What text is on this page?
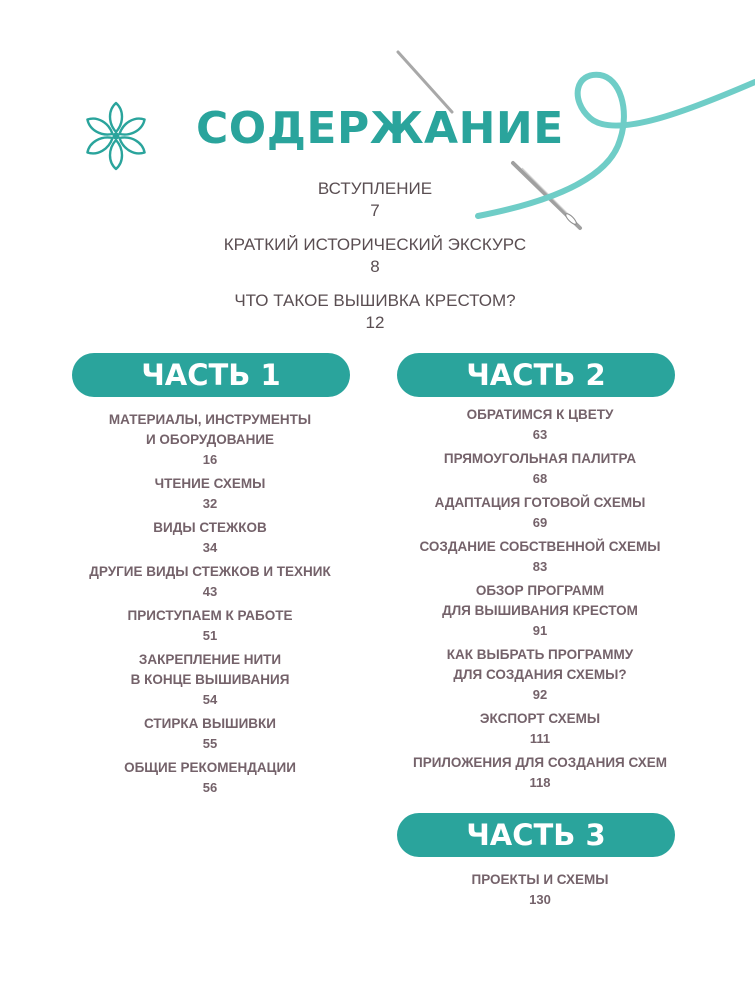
СОДЕРЖАНИЕ
ВСТУПЛЕНИЕ
7
КРАТКИЙ ИСТОРИЧЕСКИЙ ЭКСКУРС
8
ЧТО ТАКОЕ ВЫШИВКА КРЕСТОМ?
12
ЧАСТЬ 1	ЧАСТЬ 2
ЧАСТЬ 3
МАТЕРИАЛЫ, ИНСТРУМЕНТЫ
И ОБОРУДОВАНИЕ
16
ЧТЕНИЕ СХЕМЫ
32
ВИДЫ СТЕЖКОВ
34
ДРУГИЕ ВИДЫ СТЕЖКОВ И ТЕХНИК
43
ПРИСТУПАЕМ К РАБОТЕ
51
ЗАКРЕПЛЕНИЕ НИТИ
В КОНЦЕ ВЫШИВАНИЯ
54
СТИРКА ВЫШИВКИ
55
ОБЩИЕ РЕКОМЕНДАЦИИ
56
ОБРАТИМСЯ К ЦВЕТУ
63
ПРЯМОУГОЛЬНАЯ ПАЛИТРА
68
АДАПТАЦИЯ ГОТОВОЙ СХЕМЫ
69
СОЗДАНИЕ СОБСТВЕННОЙ СХЕМЫ
83
ОБЗОР ПРОГРАММ
ДЛЯ ВЫШИВАНИЯ КРЕСТОМ
91
КАК ВЫБРАТЬ ПРОГРАММУ
ДЛЯ СОЗДАНИЯ СХЕМЫ?
92
ЭКСПОРТ СХЕМЫ
111
ПРИЛОЖЕНИЯ ДЛЯ СОЗДАНИЯ СХЕМ
118
ПРОЕКТЫ И СХЕМЫ
130
